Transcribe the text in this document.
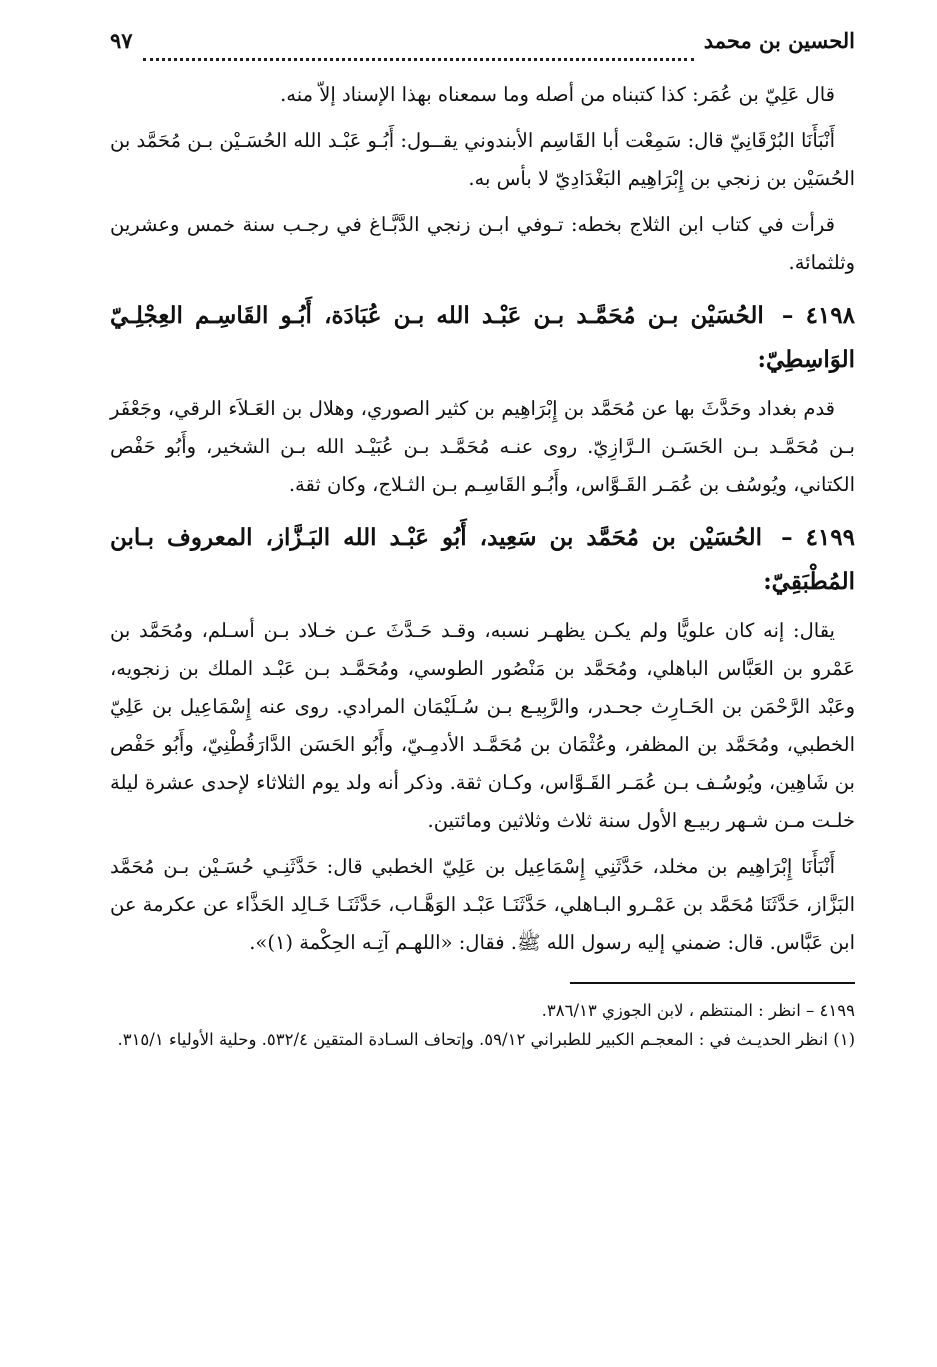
الحسين بن محمد
٩٧

قال عَلِيّ بن عُمَر: كذا كتبناه من أصله وما سمعناه بهذا الإسناد إلاّ منه.

أَنْبَأَنَا البُرْقَانِيّ قال: سَمِعْت أبا القَاسِم الأبندوني يقــول: أَبُـو عَبْـد الله الحُسَـيْن بـن مُحَمَّد بن الحُسَيْن بن زنجي بن إِبْرَاهِيم البَغْدَادِيّ لا بأس به.

قرأت في كتاب ابن الثلاج بخطه: تـوفي ابـن زنجي الدَّبَّـاغ في رجـب سنة خمس وعشرين وثلثمائة.

٤١٩٨ – الحُسَيْن بـن مُحَمَّـد بـن عَبْـد الله بـن عُبَادَة، أَبُـو القَاسِـم العِجْلِـيّ الوَاسِطِيّ:

قدم بغداد وحَدَّثَ بها عن مُحَمَّد بن إِبْرَاهِيم بن كثير الصوري، وهلال بن العَـلاَء الرقي، وجَعْفَر بـن مُحَمَّـد بـن الحَسَـن الـرَّازِيّ. روى عنـه مُحَمَّـد بـن عُبَيْـد الله بـن الشخير، وأَبُو حَفْص الكتاني، ويُوسُف بن عُمَـر القَـوَّاس، وأَبُـو القَاسِـم بـن الثـلاج، وكان ثقة.

٤١٩٩ – الحُسَيْن بن مُحَمَّد بن سَعِيد، أَبُو عَبْـد الله البَـزَّاز، المعروف بـابن المُطْبَقِيّ:

يقال: إنه كان علويًّا ولم يكـن يظهـر نسبه، وقـد حَـدَّثَ عـن خـلاد بـن أسـلم، ومُحَمَّد بن عَمْرو بن العَبَّاس الباهلي، ومُحَمَّد بن مَنْصُور الطوسي، ومُحَمَّـد بـن عَبْـد الملك بن زنجويه، وعَبْد الرَّحْمَن بن الحَـارِث جحـدر، والرَّبِيـع بـن سُـلَيْمَان المرادي. روى عنه إِسْمَاعِيل بن عَلِيّ الخطبي، ومُحَمَّد بن المظفر، وعُثْمَان بن مُحَمَّـد الأدمِـيّ، وأَبُو الحَسَن الدَّارَقُطْنِيّ، وأَبُو حَفْص بن شَاهِين، ويُوسُـف بـن عُمَـر القَـوَّاس، وكـان ثقة. وذكر أنه ولد يوم الثلاثاء لإحدى عشرة ليلة خلـت مـن شـهر ربيـع الأول سنة ثلاث وثلاثين ومائتين.

أَنْبَأَنَا إِبْرَاهِيم بن مخلد، حَدَّثَنِي إِسْمَاعِيل بن عَلِيّ الخطبي قال: حَدَّثَنِـي حُسَـيْن بـن مُحَمَّد البَزَّاز، حَدَّثَنَا مُحَمَّد بن عَمْـرو البـاهلي، حَدَّثَنَـا عَبْـد الوَهَّـاب، حَدَّثَنَـا خَـالِد الحَذَّاء عن عكرمة عن ابن عَبَّاس. قال: ضمني إليه رسول الله ﷺ. فقال: «اللهـم آتِـه الحِكْمة (١)».

٤١٩٩ – انظر : المنتظم ، لابن الجوزي ٣٨٦/١٣.

(١) انظر الحديـث في : المعجـم الكبير للطبراني ٥٩/١٢. وإتحاف السـادة المتقين ٥٣٢/٤. وحلية الأولياء ٣١٥/١.
